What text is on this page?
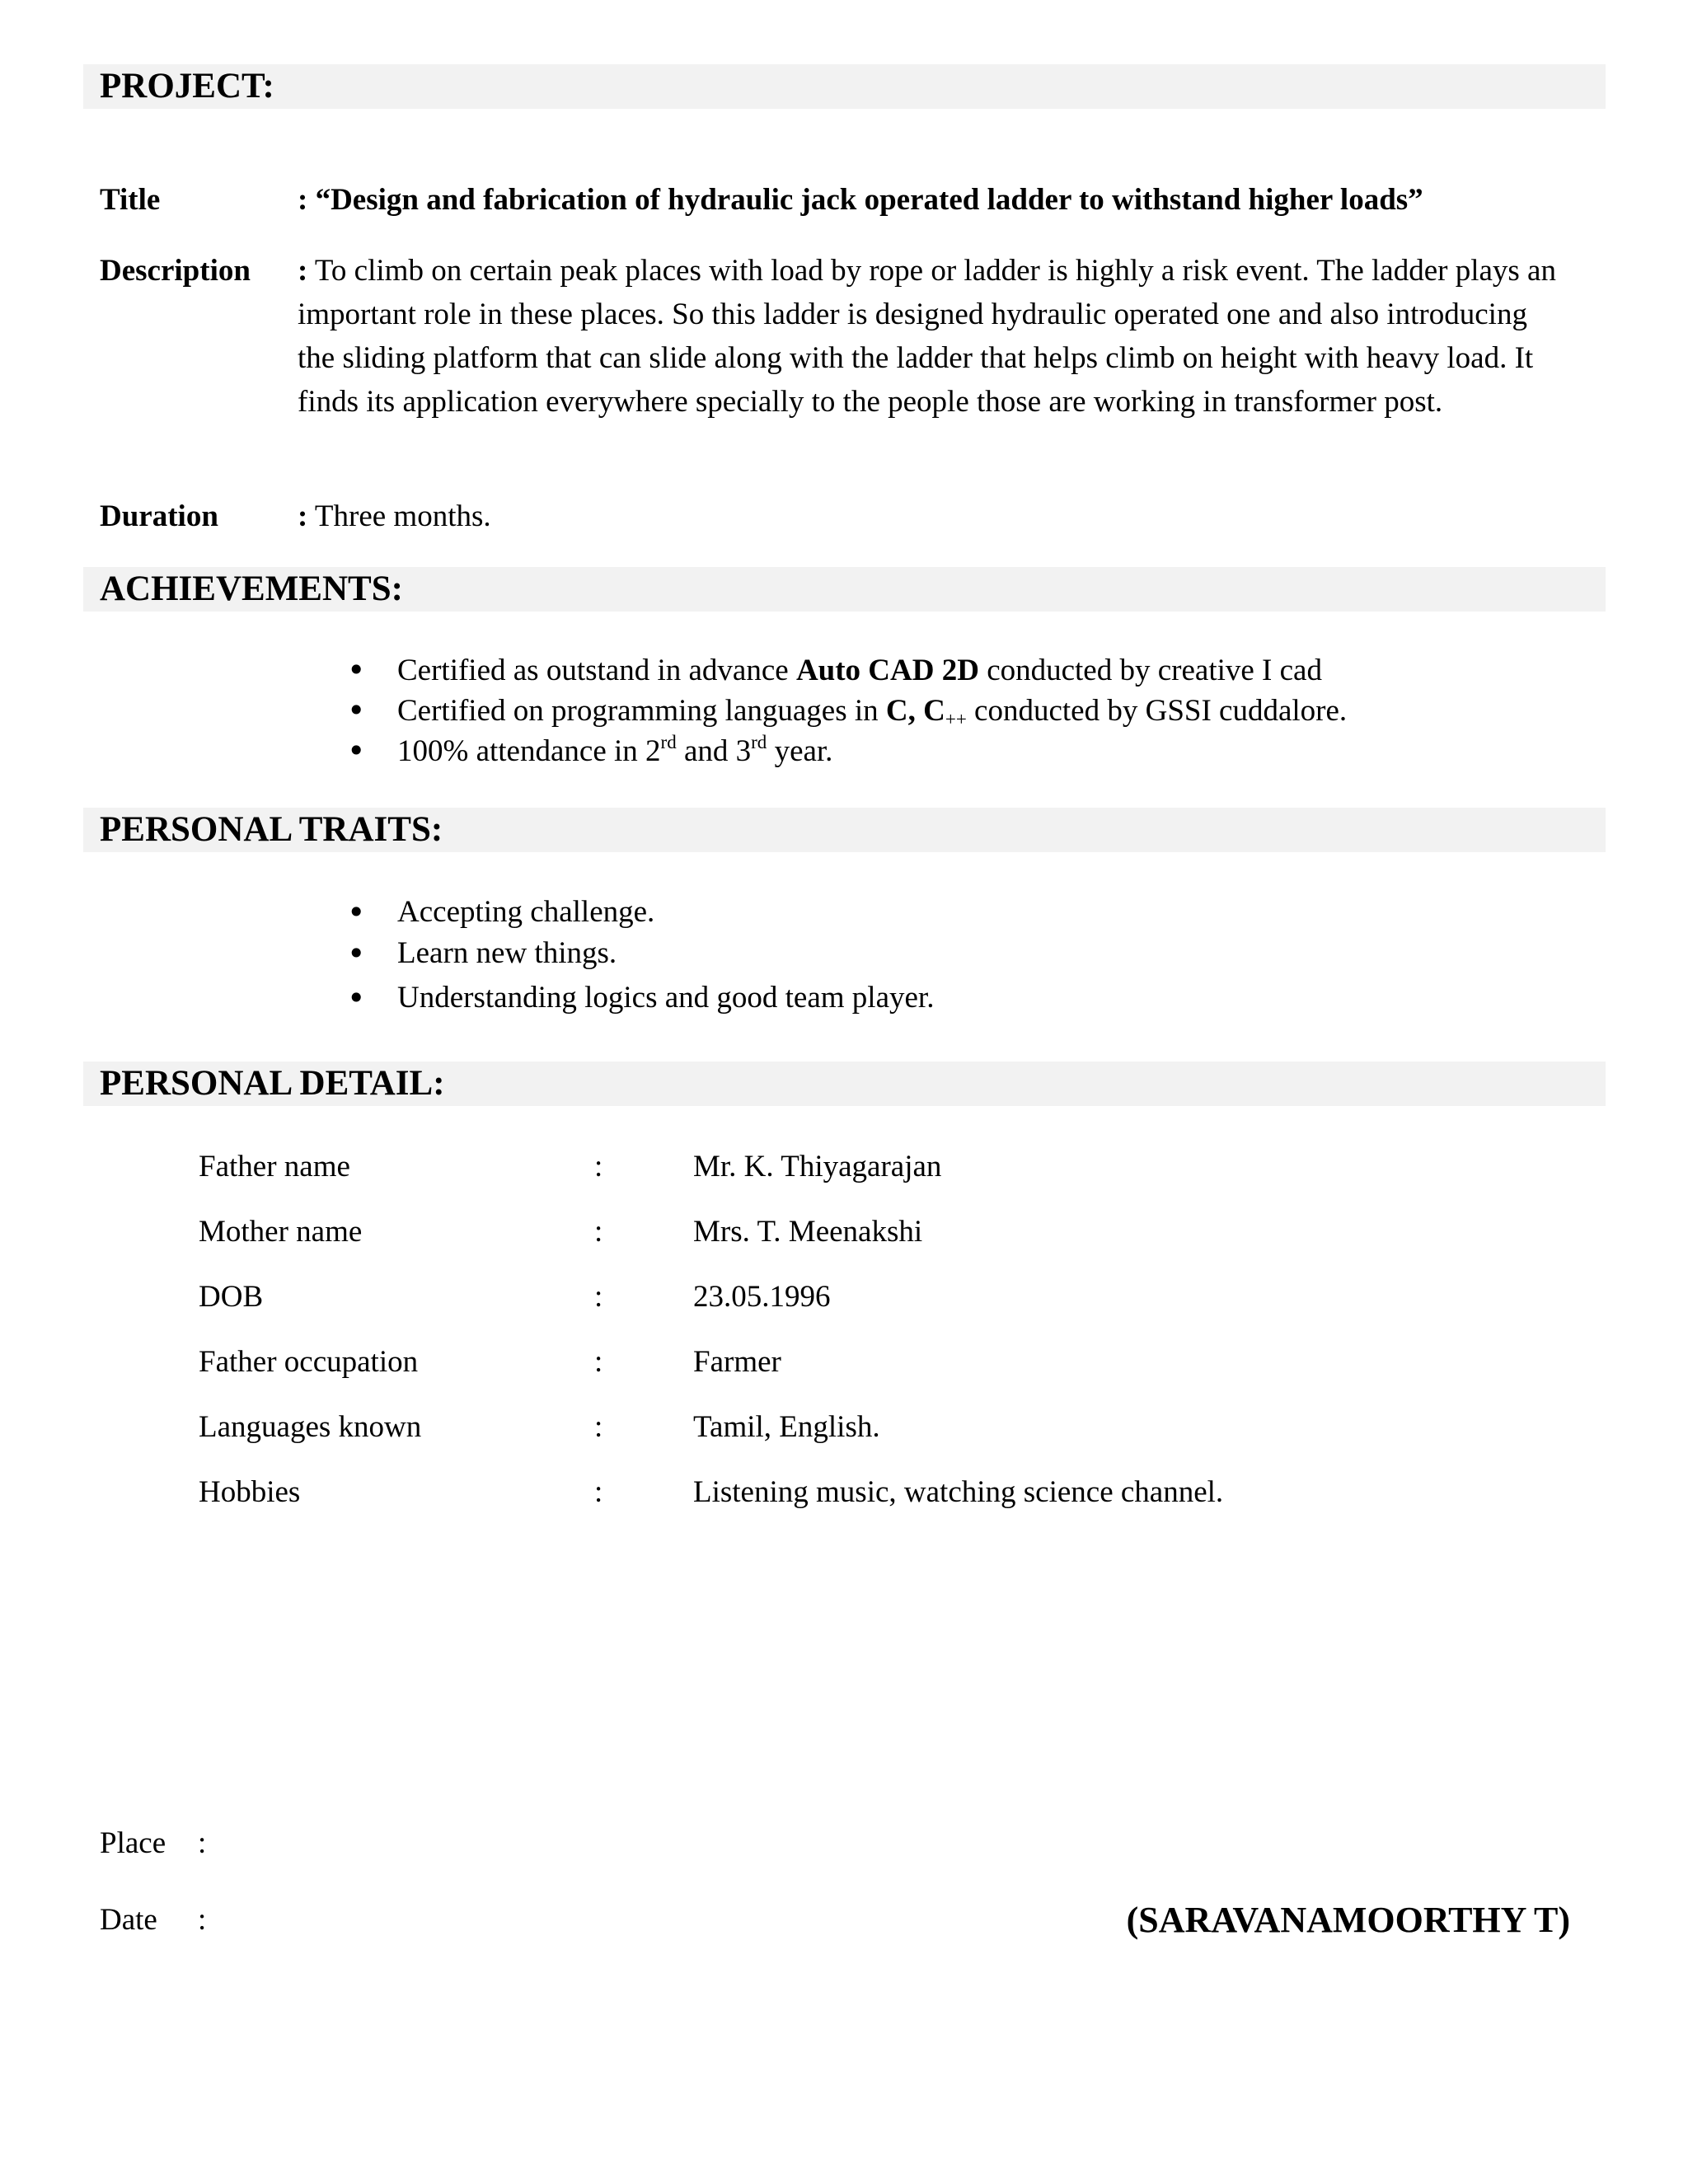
PROJECT:
Title	: “Design and fabrication of hydraulic jack operated ladder to withstand higher loads”
Description : To climb on certain peak places with load by rope or ladder is highly a risk event. The ladder plays an important role in these places. So this ladder is designed hydraulic operated one and also introducing the sliding platform that can slide along with the ladder that helps climb on height with heavy load. It finds its application everywhere specially to the people those are working in transformer post.
Duration	: Three months.
ACHIEVEMENTS:
• Certified as outstand in advance Auto CAD 2D conducted by creative I cad
• Certified on programming languages in C, $C_{++}$ conducted by GSSI cuddalore.
• 100% attendance in 2rd and 3rd year.
PERSONAL TRAITS:
• Accepting challenge.
• Learn new things.
• Understanding logics and good team player.
PERSONAL DETAIL:
Father name	:	Mr. K. Thiyagarajan
Mother name	:	Mrs. T. Meenakshi
DOB	:	23.05.1996
Father occupation	:	Farmer
Languages known	:	Tamil, English.
Hobbies	:	Listening music, watching science channel.
Place :
Date :	(SARAVANAMOORTHY T)
